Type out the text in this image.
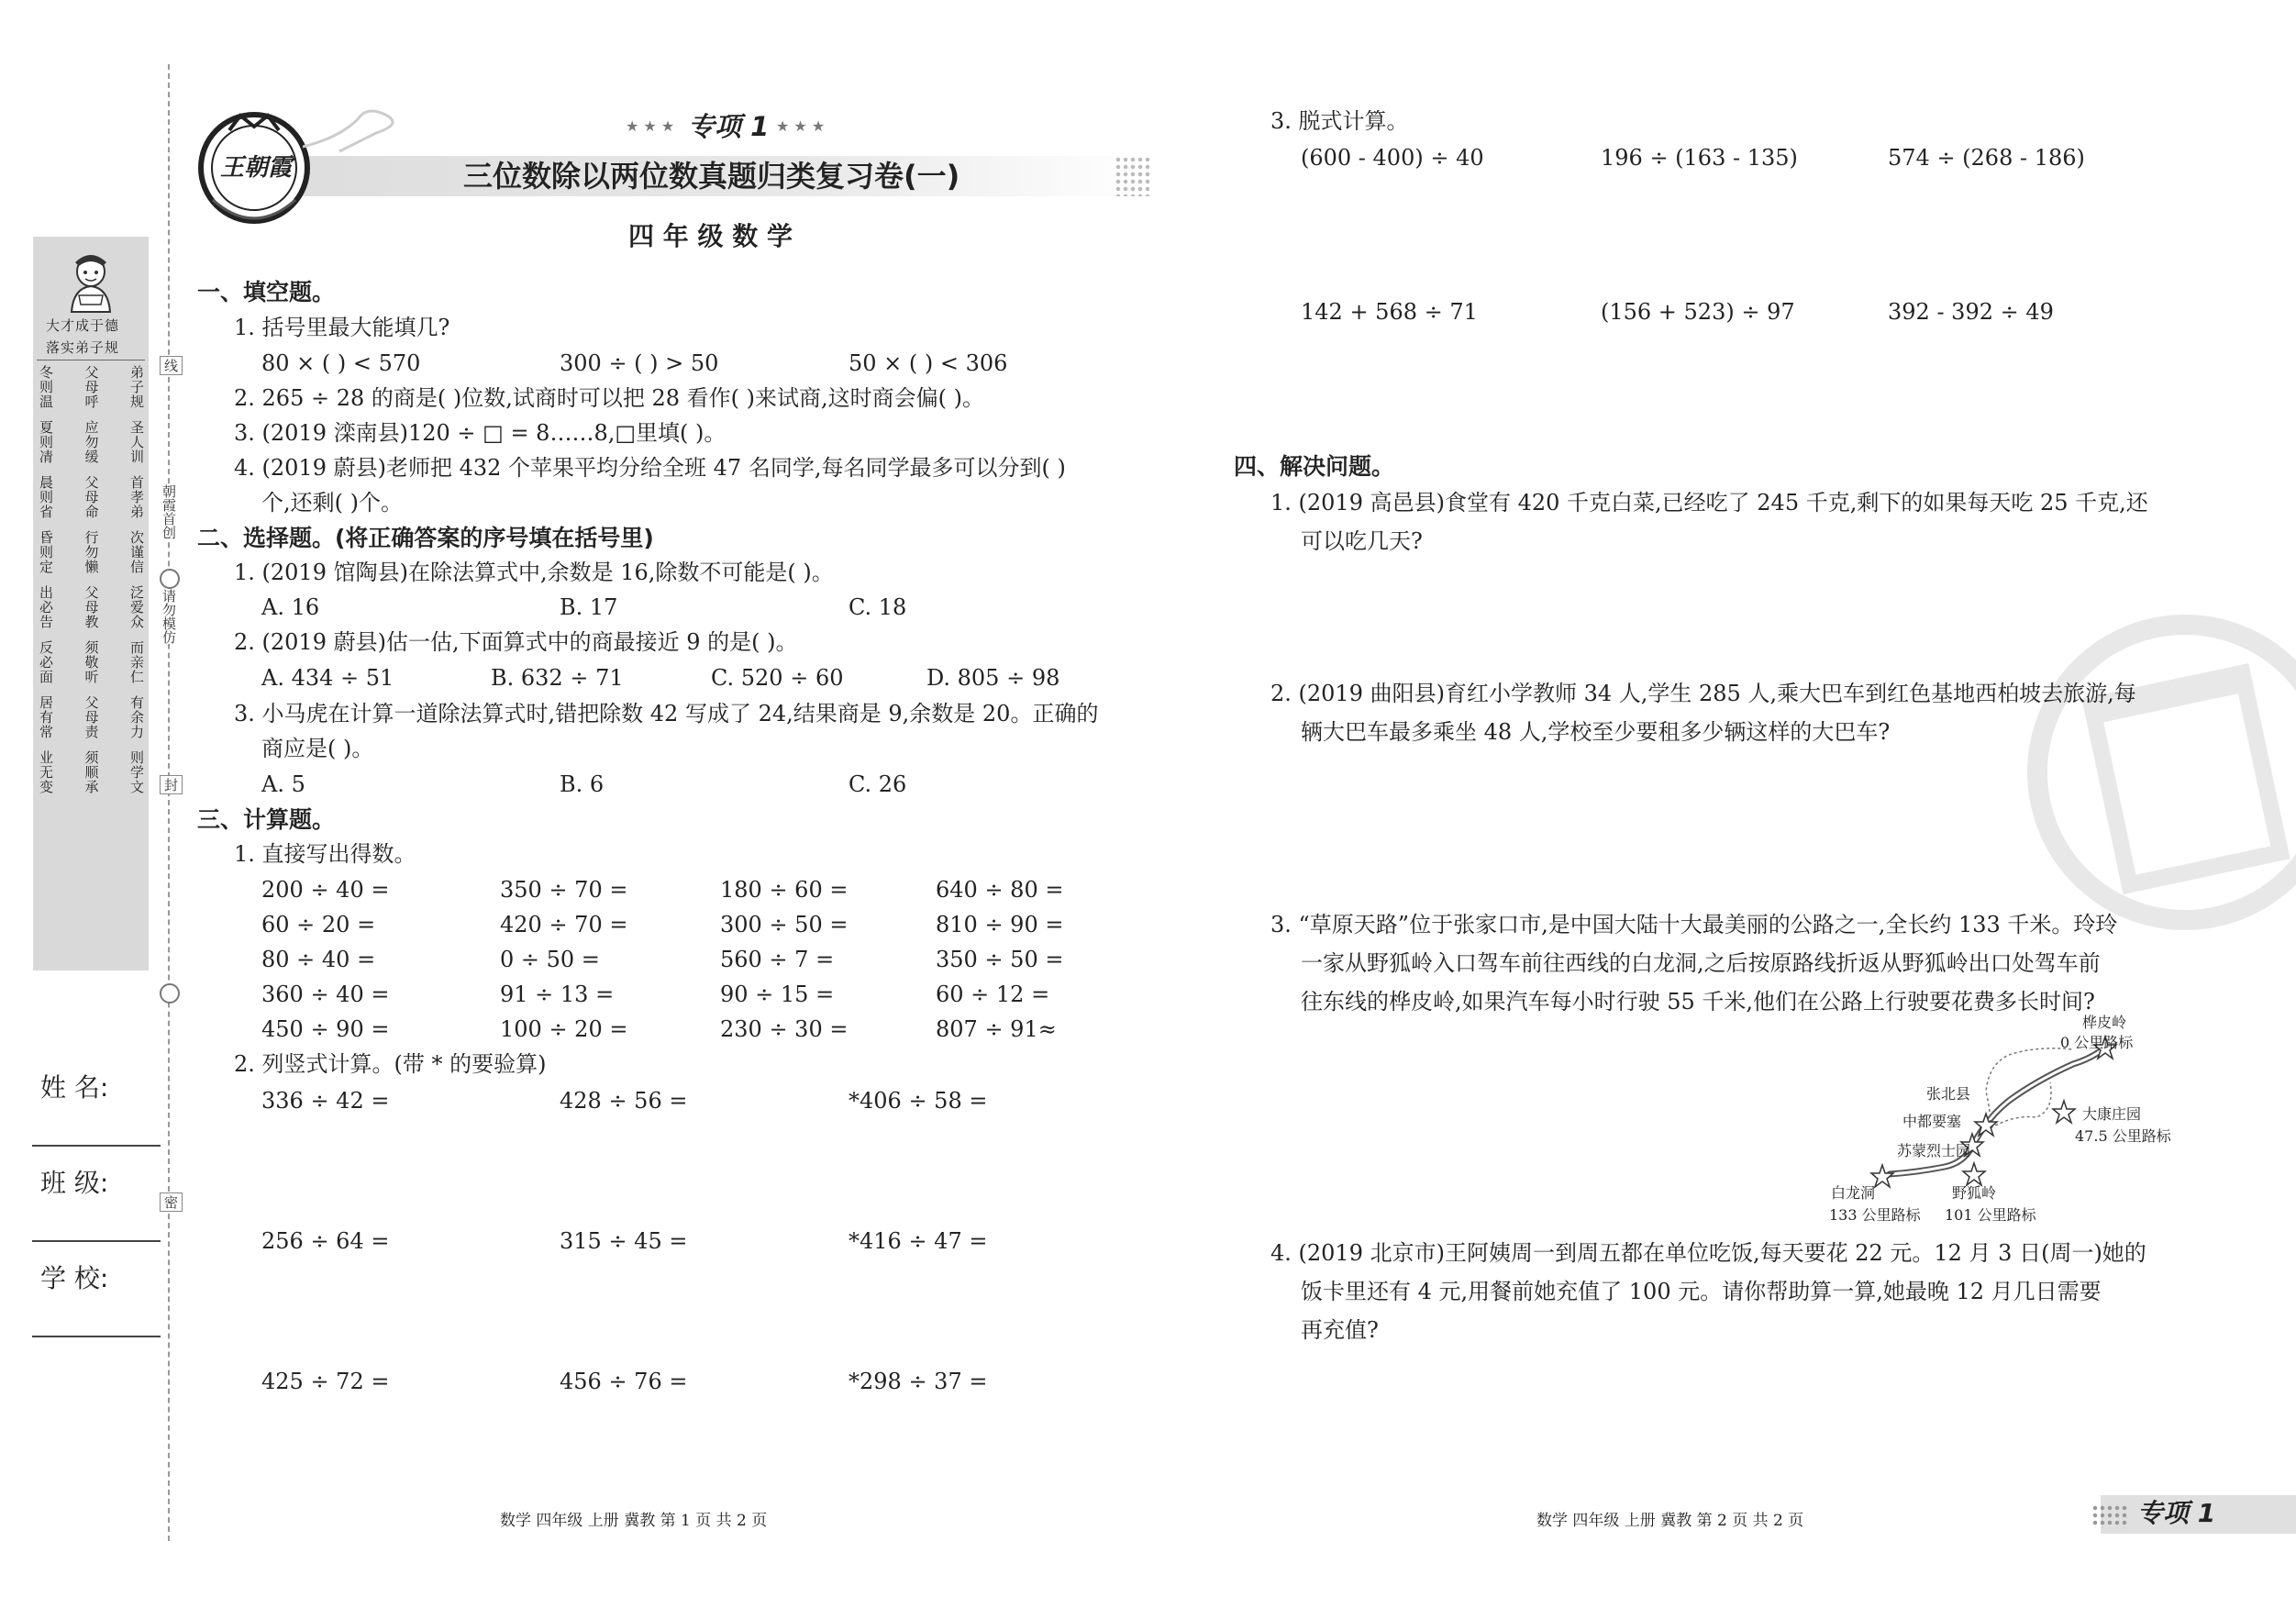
大才成于德
落实弟子规
冬则温 父母呼 弟子规
夏则凊 应勿缓 圣人训
晨则省 父母命 首孝弟
昏则定 行勿懒 次谨信
出必告 父母教 泛爱众
反必面 须敬听 而亲仁
居有常 父母责 有余力
业无变 须顺承 则学文
线
朝霞首创
请勿模仿
封
密
姓 名:
班 级:
学 校:
王朝霞
★ ★ ★ 专项 1 ★ ★ ★
三位数除以两位数真题归类复习卷(一)
四 年 级 数 学
一、填空题。
1. 括号里最大能填几?
80 × ( ) < 570	300 ÷ ( ) > 50	50 × ( ) < 306
2. 265 ÷ 28 的商是( )位数,试商时可以把 28 看作( )来试商,这时商会偏( )。
3. (2019 滦南县)120 ÷ □ = 8……8,□里填( )。
4. (2019 蔚县)老师把 432 个苹果平均分给全班 47 名同学,每名同学最多可以分到( )
个,还剩( )个。
二、选择题。(将正确答案的序号填在括号里)
1. (2019 馆陶县)在除法算式中,余数是 16,除数不可能是( )。
A. 16	B. 17	C. 18
2. (2019 蔚县)估一估,下面算式中的商最接近 9 的是( )。
A. 434 ÷ 51	B. 632 ÷ 71	C. 520 ÷ 60	D. 805 ÷ 98
3. 小马虎在计算一道除法算式时,错把除数 42 写成了 24,结果商是 9,余数是 20。正确的
商应是( )。
A. 5	B. 6	C. 26
三、计算题。
1. 直接写出得数。
200 ÷ 40 =	350 ÷ 70 =	180 ÷ 60 =	640 ÷ 80 =
60 ÷ 20 =	420 ÷ 70 =	300 ÷ 50 =	810 ÷ 90 =
80 ÷ 40 =	0 ÷ 50 =	560 ÷ 7 =	350 ÷ 50 =
360 ÷ 40 =	91 ÷ 13 =	90 ÷ 15 =	60 ÷ 12 =
450 ÷ 90 =	100 ÷ 20 =	230 ÷ 30 =	807 ÷ 91≈
2. 列竖式计算。(带 * 的要验算)
336 ÷ 42 =	428 ÷ 56 =	*406 ÷ 58 =
256 ÷ 64 =	315 ÷ 45 =	*416 ÷ 47 =
425 ÷ 72 =	456 ÷ 76 =	*298 ÷ 37 =
数学 四年级 上册 冀教 第 1 页 共 2 页
3. 脱式计算。
(600 - 400) ÷ 40	196 ÷ (163 - 135)	574 ÷ (268 - 186)
142 + 568 ÷ 71	(156 + 523) ÷ 97	392 - 392 ÷ 49
四、解决问题。
1. (2019 高邑县)食堂有 420 千克白菜,已经吃了 245 千克,剩下的如果每天吃 25 千克,还
可以吃几天?
2. (2019 曲阳县)育红小学教师 34 人,学生 285 人,乘大巴车到红色基地西柏坡去旅游,每
辆大巴车最多乘坐 48 人,学校至少要租多少辆这样的大巴车?
3. “草原天路”位于张家口市,是中国大陆十大最美丽的公路之一,全长约 133 千米。玲玲
一家从野狐岭入口驾车前往西线的白龙洞,之后按原路线折返从野狐岭出口处驾车前
往东线的桦皮岭,如果汽车每小时行驶 55 千米,他们在公路上行驶要花费多长时间?
桦皮岭
0 公里路标
张北县
中都要塞	大康庄园
47.5 公里路标
苏蒙烈士园
白龙洞
133 公里路标
野狐岭
101 公里路标
4. (2019 北京市)王阿姨周一到周五都在单位吃饭,每天要花 22 元。12 月 3 日(周一)她的
饭卡里还有 4 元,用餐前她充值了 100 元。请你帮助算一算,她最晚 12 月几日需要
再充值?
数学 四年级 上册 冀教 第 2 页 共 2 页	专项 1
